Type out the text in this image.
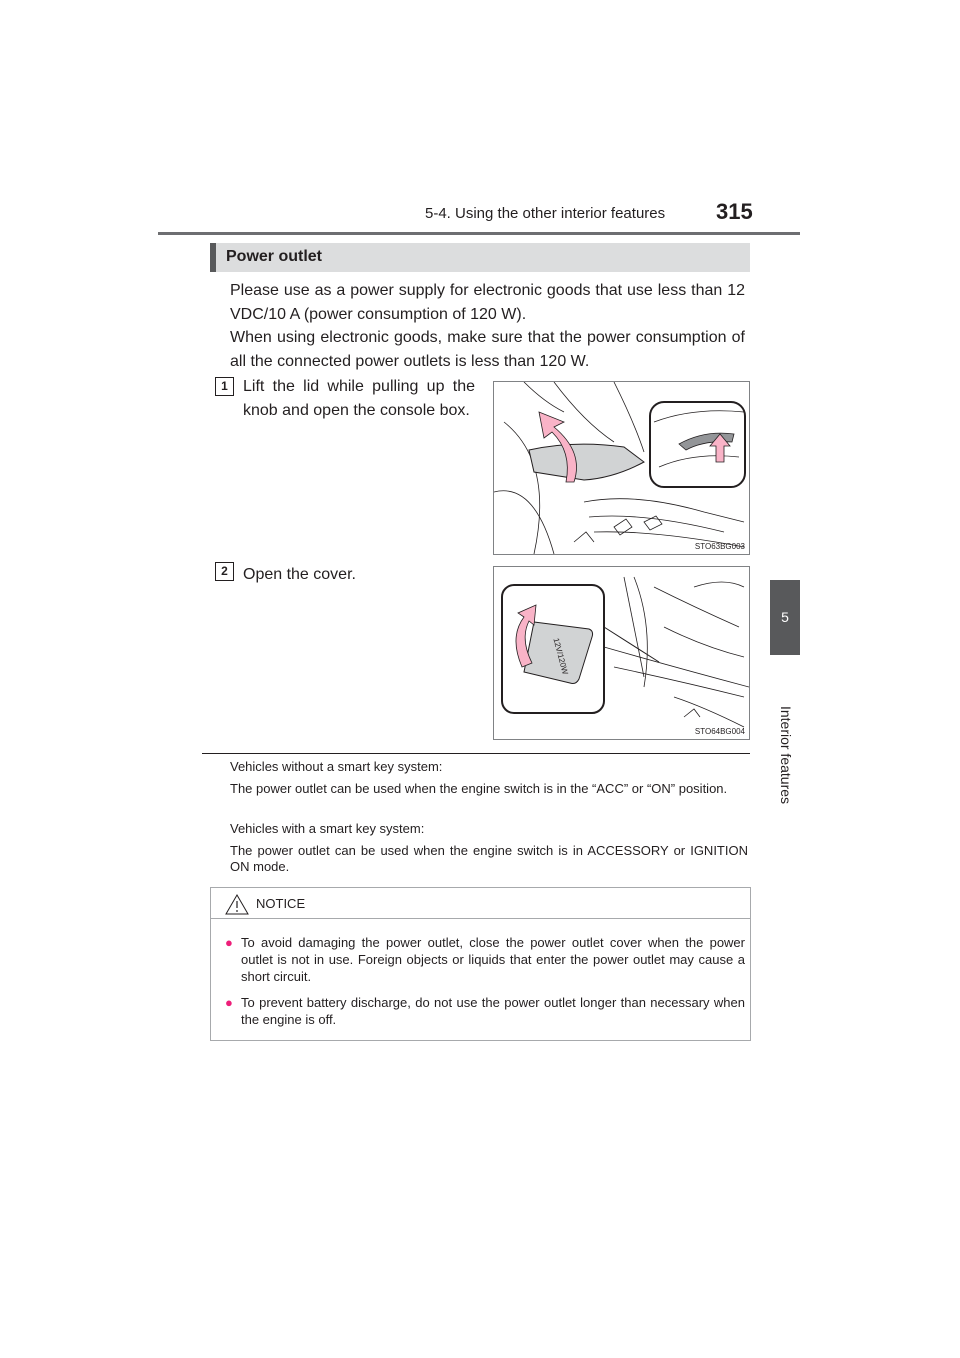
5-4. Using the other interior features 315
5
Interior features
Power outlet
Please use as a power supply for electronic goods that use less than 12 VDC/10 A (power consumption of 120 W).
When using electronic goods, make sure that the power consumption of all the connected power outlets is less than 120 W.
1 Lift the lid while pulling up the knob and open the console box.
STO63BG003
2 Open the cover.
12V/120W
STO64BG004
Vehicles without a smart key system:
The power outlet can be used when the engine switch is in the “ACC” or “ON” position.
Vehicles with a smart key system:
The power outlet can be used when the engine switch is in ACCESSORY or IGNITION ON mode.
NOTICE
● To avoid damaging the power outlet, close the power outlet cover when the power outlet is not in use. Foreign objects or liquids that enter the power outlet may cause a short circuit.
● To prevent battery discharge, do not use the power outlet longer than necessary when the engine is off.
